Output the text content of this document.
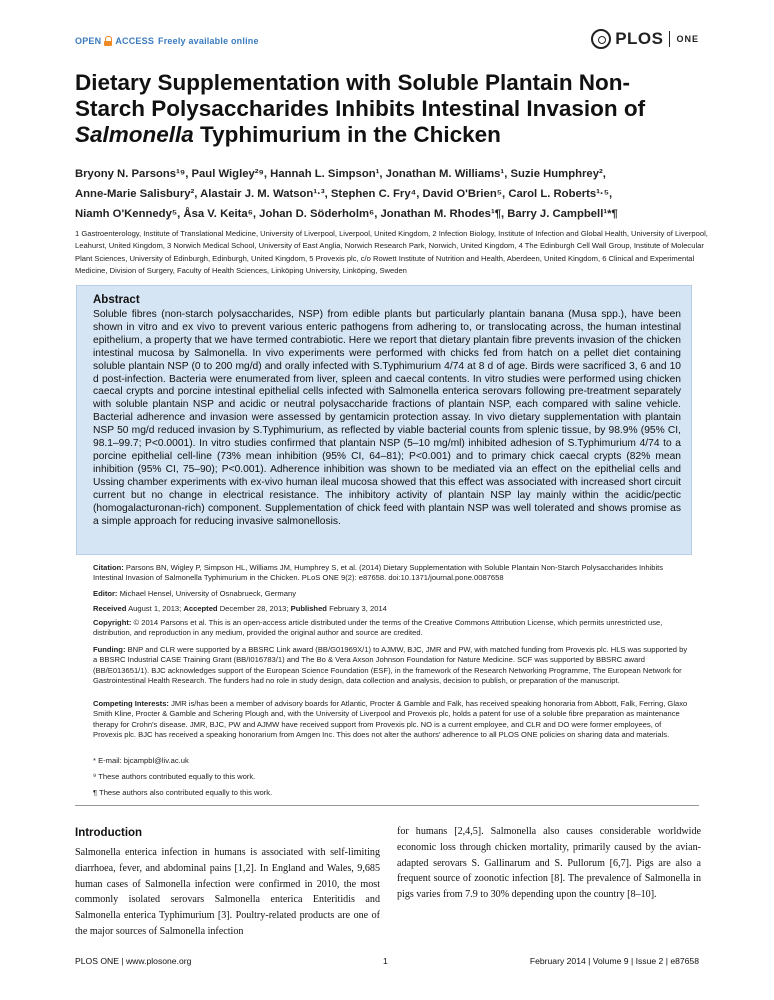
OPEN ACCESS Freely available online	PLOS ONE
Dietary Supplementation with Soluble Plantain Non-
Starch Polysaccharides Inhibits Intestinal Invasion of
Salmonella Typhimurium in the Chicken
Bryony N. Parsons¹⁹, Paul Wigley²⁹, Hannah L. Simpson¹, Jonathan M. Williams¹, Suzie Humphrey²,
Anne-Marie Salisbury², Alastair J. M. Watson¹·³, Stephen C. Fry⁴, David O'Brien⁵, Carol L. Roberts¹·⁵,
Niamh O'Kennedy⁵, Åsa V. Keita⁶, Johan D. Söderholm⁶, Jonathan M. Rhodes¹¶, Barry J. Campbell¹*¶
1 Gastroenterology, Institute of Translational Medicine, University of Liverpool, Liverpool, United Kingdom, 2 Infection Biology, Institute of Infection and Global Health, University of Liverpool, Leahurst, United Kingdom, 3 Norwich Medical School, University of East Anglia, Norwich Research Park, Norwich, United Kingdom, 4 The Edinburgh Cell Wall Group, Institute of Molecular Plant Sciences, University of Edinburgh, Edinburgh, United Kingdom, 5 Provexis plc, c/o Rowett Institute of Nutrition and Health, Aberdeen, United Kingdom, 6 Clinical and Experimental Medicine, Division of Surgery, Faculty of Health Sciences, Linköping University, Linköping, Sweden
Abstract
Soluble fibres (non-starch polysaccharides, NSP) from edible plants but particularly plantain banana (Musa spp.), have been shown in vitro and ex vivo to prevent various enteric pathogens from adhering to, or translocating across, the human intestinal epithelium, a property that we have termed contrabiotic. Here we report that dietary plantain fibre prevents invasion of the chicken intestinal mucosa by Salmonella. In vivo experiments were performed with chicks fed from hatch on a pellet diet containing soluble plantain NSP (0 to 200 mg/d) and orally infected with S.Typhimurium 4/74 at 8 d of age. Birds were sacrificed 3, 6 and 10 d post-infection. Bacteria were enumerated from liver, spleen and caecal contents. In vitro studies were performed using chicken caecal crypts and porcine intestinal epithelial cells infected with Salmonella enterica serovars following pre-treatment separately with soluble plantain NSP and acidic or neutral polysaccharide fractions of plantain NSP, each compared with saline vehicle. Bacterial adherence and invasion were assessed by gentamicin protection assay. In vivo dietary supplementation with plantain NSP 50 mg/d reduced invasion by S.Typhimurium, as reflected by viable bacterial counts from splenic tissue, by 98.9% (95% CI, 98.1–99.7; P<0.0001). In vitro studies confirmed that plantain NSP (5–10 mg/ml) inhibited adhesion of S.Typhimurium 4/74 to a porcine epithelial cell-line (73% mean inhibition (95% CI, 64–81); P<0.001) and to primary chick caecal crypts (82% mean inhibition (95% CI, 75–90); P<0.001). Adherence inhibition was shown to be mediated via an effect on the epithelial cells and Ussing chamber experiments with ex-vivo human ileal mucosa showed that this effect was associated with increased short circuit current but no change in electrical resistance. The inhibitory activity of plantain NSP lay mainly within the acidic/pectic (homogalacturonan-rich) component. Supplementation of chick feed with plantain NSP was well tolerated and shows promise as a simple approach for reducing invasive salmonellosis.
Citation: Parsons BN, Wigley P, Simpson HL, Williams JM, Humphrey S, et al. (2014) Dietary Supplementation with Soluble Plantain Non-Starch Polysaccharides Inhibits Intestinal Invasion of Salmonella Typhimurium in the Chicken. PLoS ONE 9(2): e87658. doi:10.1371/journal.pone.0087658
Editor: Michael Hensel, University of Osnabrueck, Germany
Received August 1, 2013; Accepted December 28, 2013; Published February 3, 2014
Copyright: © 2014 Parsons et al. This is an open-access article distributed under the terms of the Creative Commons Attribution License, which permits unrestricted use, distribution, and reproduction in any medium, provided the original author and source are credited.
Funding: BNP and CLR were supported by a BBSRC Link award (BB/G01969X/1) to AJMW, BJC, JMR and PW, with matched funding from Provexis plc. HLS was supported by a BBSRC Industrial CASE Training Grant (BB/I016783/1) and The Bo & Vera Axson Johnson Foundation for Nature Medicine. SCF was supported by BBSRC award (BB/E013651/1). BJC acknowledges support of the European Science Foundation (ESF), in the framework of the Research Networking Programme, The European Network for Gastrointestinal Health Research. The funders had no role in study design, data collection and analysis, decision to publish, or preparation of the manuscript.
Competing Interests: JMR is/has been a member of advisory boards for Atlantic, Procter & Gamble and Falk, has received speaking honoraria from Abbott, Falk, Ferring, Glaxo Smith Kline, Procter & Gamble and Schering Plough and, with the University of Liverpool and Provexis plc, holds a patent for use of a soluble fibre preparation as maintenance therapy for Crohn's disease. JMR, BJC, PW and AJMW have received support from Provexis plc. NO is a current employee, and CLR and DO were former employees, of Provexis plc. BJC has received a speaking honorarium from Amgen Inc. This does not alter the authors' adherence to all PLOS ONE policies on sharing data and materials.
* E-mail: bjcampbl@liv.ac.uk
⁹ These authors contributed equally to this work.
¶ These authors also contributed equally to this work.
Introduction
Salmonella enterica infection in humans is associated with self-limiting diarrhoea, fever, and abdominal pains [1,2]. In England and Wales, 9,685 human cases of Salmonella infection were confirmed in 2010, the most commonly isolated serovars Salmonella enterica Enteritidis and Salmonella enterica Typhimurium [3]. Poultry-related products are one of the major sources of Salmonella infection
for humans [2,4,5]. Salmonella also causes considerable worldwide economic loss through chicken mortality, primarily caused by the avian-adapted serovars S. Gallinarum and S. Pullorum [6,7]. Pigs are also a frequent source of zoonotic infection [8]. The prevalence of Salmonella in pigs varies from 7.9 to 30% depending upon the country [8–10].
PLOS ONE | www.plosone.org	1	February 2014 | Volume 9 | Issue 2 | e87658
